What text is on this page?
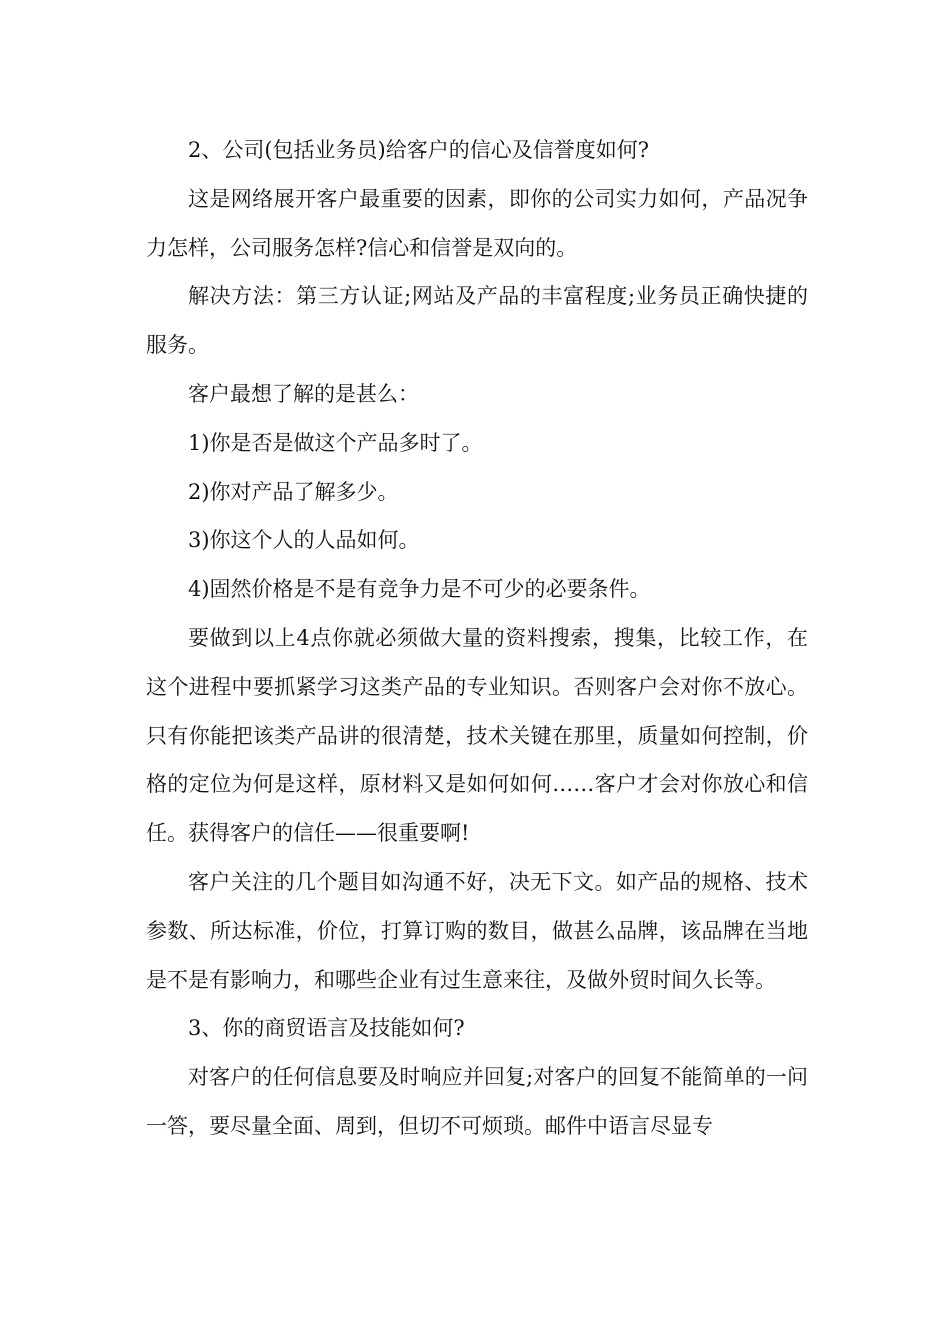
2、公司(包括业务员)给客户的信心及信誉度如何?

这是网络展开客户最重要的因素，即你的公司实力如何，产品况争力怎样，公司服务怎样?信心和信誉是双向的。

解决方法：第三方认证;网站及产品的丰富程度;业务员正确快捷的服务。

客户最想了解的是甚么：

1)你是否是做这个产品多时了。

2)你对产品了解多少。

3)你这个人的人品如何。

4)固然价格是不是有竞争力是不可少的必要条件。

要做到以上4点你就必须做大量的资料搜索，搜集，比较工作，在这个进程中要抓紧学习这类产品的专业知识。否则客户会对你不放心。只有你能把该类产品讲的很清楚，技术关键在那里，质量如何控制，价格的定位为何是这样，原材料又是如何如何……客户才会对你放心和信任。获得客户的信任——很重要啊!

客户关注的几个题目如沟通不好，决无下文。如产品的规格、技术参数、所达标准，价位，打算订购的数目，做甚么品牌，该品牌在当地是不是有影响力，和哪些企业有过生意来往，及做外贸时间久长等。

3、你的商贸语言及技能如何?

对客户的任何信息要及时响应并回复;对客户的回复不能简单的一问一答，要尽量全面、周到，但切不可烦琐。邮件中语言尽显专
